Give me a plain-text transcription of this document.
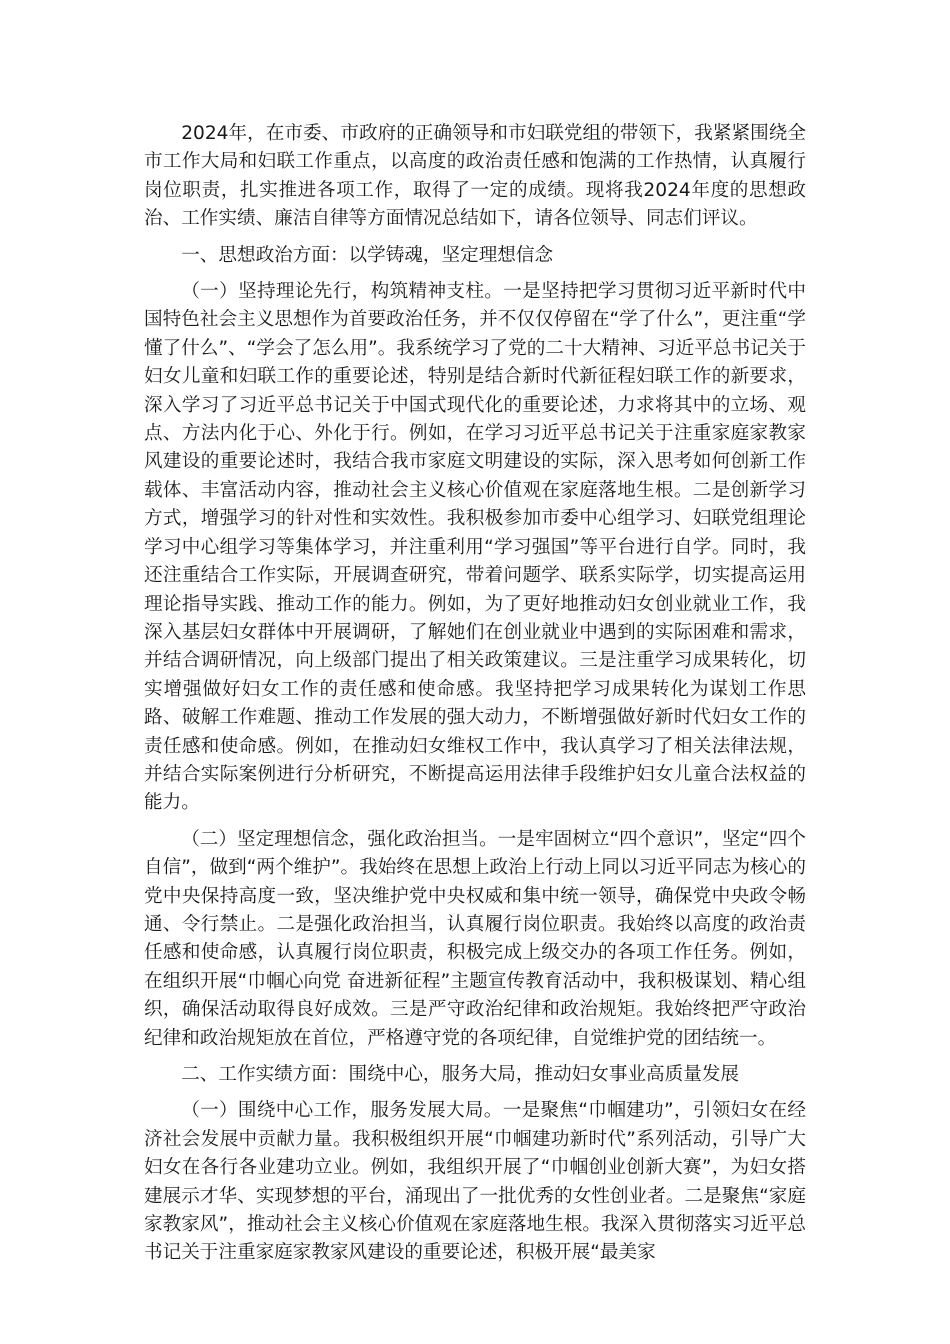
2024年，在市委、市政府的正确领导和市妇联党组的带领下，我紧紧围绕全市工作大局和妇联工作重点，以高度的政治责任感和饱满的工作热情，认真履行岗位职责，扎实推进各项工作，取得了一定的成绩。现将我2024年度的思想政治、工作实绩、廉洁自律等方面情况总结如下，请各位领导、同志们评议。

一、思想政治方面：以学铸魂，坚定理想信念

（一）坚持理论先行，构筑精神支柱。一是坚持把学习贯彻习近平新时代中国特色社会主义思想作为首要政治任务，并不仅仅停留在“学了什么”，更注重“学懂了什么”、“学会了怎么用”。我系统学习了党的二十大精神、习近平总书记关于妇女儿童和妇联工作的重要论述，特别是结合新时代新征程妇联工作的新要求，深入学习了习近平总书记关于中国式现代化的重要论述，力求将其中的立场、观点、方法内化于心、外化于行。例如，在学习习近平总书记关于注重家庭家教家风建设的重要论述时，我结合我市家庭文明建设的实际，深入思考如何创新工作载体、丰富活动内容，推动社会主义核心价值观在家庭落地生根。二是创新学习方式，增强学习的针对性和实效性。我积极参加市委中心组学习、妇联党组理论学习中心组学习等集体学习，并注重利用“学习强国”等平台进行自学。同时，我还注重结合工作实际，开展调查研究，带着问题学、联系实际学，切实提高运用理论指导实践、推动工作的能力。例如，为了更好地推动妇女创业就业工作，我深入基层妇女群体中开展调研，了解她们在创业就业中遇到的实际困难和需求，并结合调研情况，向上级部门提出了相关政策建议。三是注重学习成果转化，切实增强做好妇女工作的责任感和使命感。我坚持把学习成果转化为谋划工作思路、破解工作难题、推动工作发展的强大动力，不断增强做好新时代妇女工作的责任感和使命感。例如，在推动妇女维权工作中，我认真学习了相关法律法规，并结合实际案例进行分析研究，不断提高运用法律手段维护妇女儿童合法权益的能力。

（二）坚定理想信念，强化政治担当。一是牢固树立“四个意识”，坚定“四个自信”，做到“两个维护”。我始终在思想上政治上行动上同以习近平同志为核心的党中央保持高度一致，坚决维护党中央权威和集中统一领导，确保党中央政令畅通、令行禁止。二是强化政治担当，认真履行岗位职责。我始终以高度的政治责任感和使命感，认真履行岗位职责，积极完成上级交办的各项工作任务。例如，在组织开展“巾帼心向党 奋进新征程”主题宣传教育活动中，我积极谋划、精心组织，确保活动取得良好成效。三是严守政治纪律和政治规矩。我始终把严守政治纪律和政治规矩放在首位，严格遵守党的各项纪律，自觉维护党的团结统一。

二、工作实绩方面：围绕中心，服务大局，推动妇女事业高质量发展

（一）围绕中心工作，服务发展大局。一是聚焦“巾帼建功”，引领妇女在经济社会发展中贡献力量。我积极组织开展“巾帼建功新时代”系列活动，引导广大妇女在各行各业建功立业。例如，我组织开展了“巾帼创业创新大赛”，为妇女搭建展示才华、实现梦想的平台，涌现出了一批优秀的女性创业者。二是聚焦“家庭家教家风”，推动社会主义核心价值观在家庭落地生根。我深入贯彻落实习近平总书记关于注重家庭家教家风建设的重要论述，积极开展“最美家
